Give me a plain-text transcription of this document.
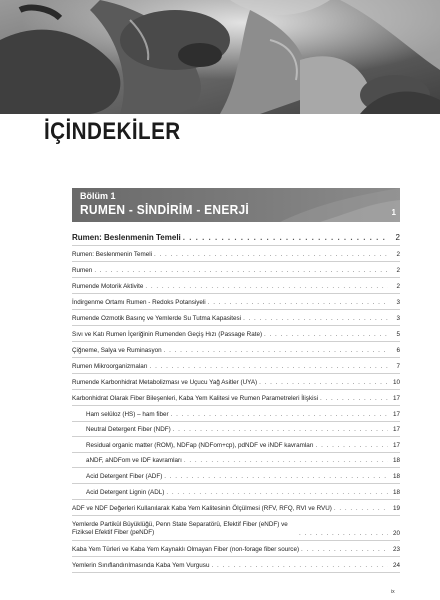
İÇİNDEKİLER
Bölüm 1
RUMEN - SİNDİRİM - ENERJİ	1
Rumen: Beslenmenin Temeli . . .	2
Rumen: Beslenmenin Temeli . . .	2
Rumen . . .	2
Rumende Motorik Aktivite . . .	2
İndirgenme Ortamı Rumen - Redoks Potansiyeli . . .	3
Rumende Ozmotik Basınç ve Yemlerde Su Tutma Kapasitesi . . .	3
Sıvı ve Katı Rumen İçeriğinin Rumenden Geçiş Hızı (Passage Rate) . . .	5
Çiğneme, Salya ve Ruminasyon . . .	6
Rumen Mikroorganizmaları . . .	7
Rumende Karbonhidrat Metabolizması ve Uçucu Yağ Asitler (UYA) . . .	10
Karbonhidrat Olarak Fiber Bileşenleri, Kaba Yem Kalitesi ve Rumen Parametreleri İlişkisi . . .	17
Ham selüloz (HS) – ham fiber . . .	17
Neutral Detergent Fiber (NDF) . . .	17
Residual organic matter (ROM), NDFap (NDFom+cp), pdNDF ve iNDF kavramları . . .	17
aNDF, aNDFom ve IDF kavramları . . .	18
Acid Detergent Fiber (ADF) . . .	18
Acid Detergent Lignin (ADL) . . .	18
ADF ve NDF Değerleri Kullanılarak Kaba Yem Kalitesinin Ölçülmesi (RFV, RFQ, RVI ve RVU) . . .	19
Yemlerde Partikül Büyüklüğü, Penn State Separatörü, Efektif Fiber (eNDF) ve Fiziksel Efektif Fiber (peNDF) . . .	20
Kaba Yem Türleri ve Kaba Yem Kaynaklı Olmayan Fiber (non-forage fiber source) . . .	23
Yemlerin Sınıflandırılmasında Kaba Yem Vurgusu . . .	24
ix
